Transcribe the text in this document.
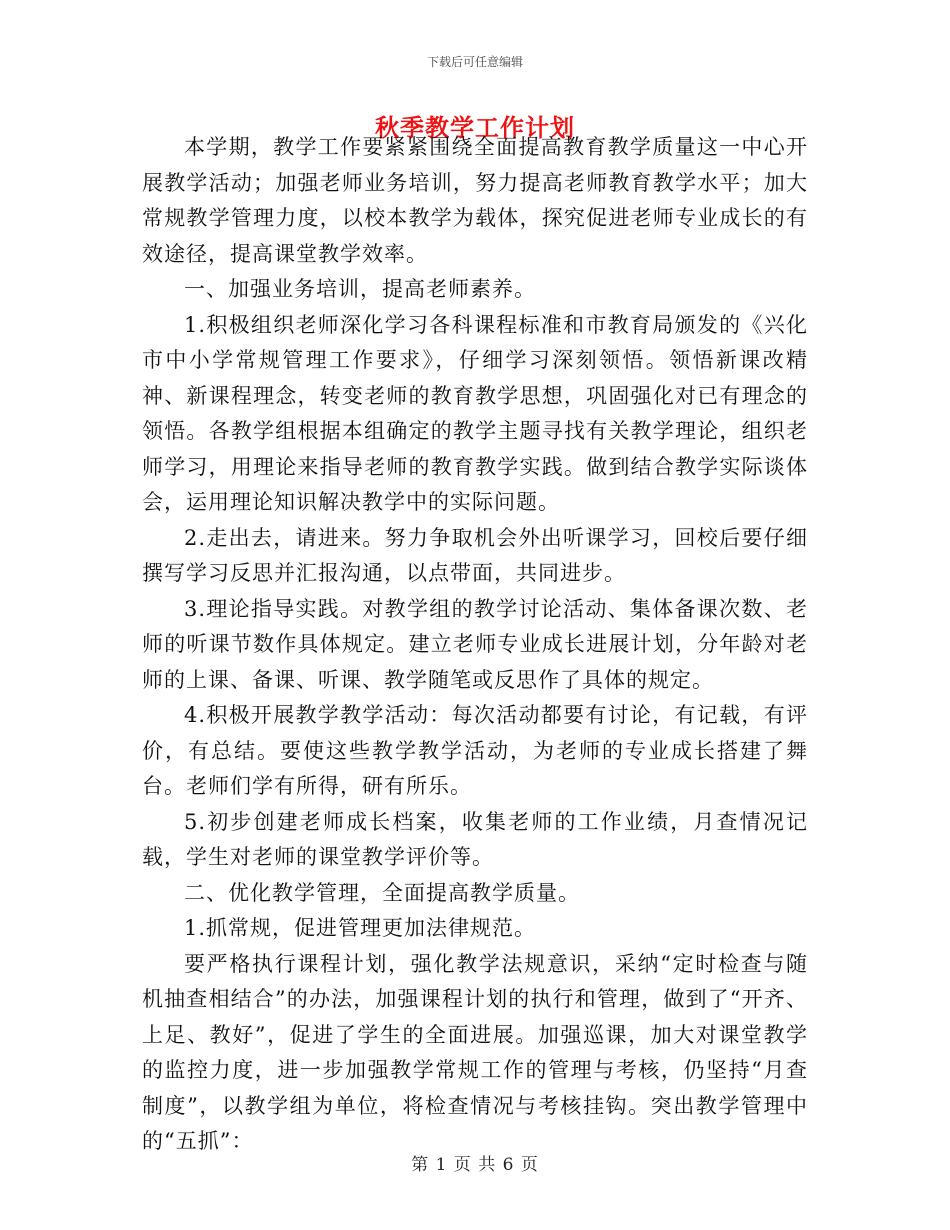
下载后可任意编辑
秋季教学工作计划

本学期，教学工作要紧紧围绕全面提高教育教学质量这一中心开展教学活动；加强老师业务培训，努力提高老师教育教学水平；加大常规教学管理力度，以校本教学为载体，探究促进老师专业成长的有效途径，提高课堂教学效率。

一、加强业务培训，提高老师素养。

1.积极组织老师深化学习各科课程标准和市教育局颁发的《兴化市中小学常规管理工作要求》，仔细学习深刻领悟。领悟新课改精神、新课程理念，转变老师的教育教学思想，巩固强化对已有理念的领悟。各教学组根据本组确定的教学主题寻找有关教学理论，组织老师学习，用理论来指导老师的教育教学实践。做到结合教学实际谈体会，运用理论知识解决教学中的实际问题。

2.走出去，请进来。努力争取机会外出听课学习，回校后要仔细撰写学习反思并汇报沟通，以点带面，共同进步。

3.理论指导实践。对教学组的教学讨论活动、集体备课次数、老师的听课节数作具体规定。建立老师专业成长进展计划，分年龄对老师的上课、备课、听课、教学随笔或反思作了具体的规定。

4.积极开展教学教学活动：每次活动都要有讨论，有记载，有评价，有总结。要使这些教学教学活动，为老师的专业成长搭建了舞台。老师们学有所得，研有所乐。

5.初步创建老师成长档案，收集老师的工作业绩，月查情况记载，学生对老师的课堂教学评价等。

二、优化教学管理，全面提高教学质量。

1.抓常规，促进管理更加法律规范。

要严格执行课程计划，强化教学法规意识，采纳“定时检查与随机抽查相结合”的办法，加强课程计划的执行和管理，做到了“开齐、上足、教好”，促进了学生的全面进展。加强巡课，加大对课堂教学的监控力度，进一步加强教学常规工作的管理与考核，仍坚持“月查制度”，以教学组为单位，将检查情况与考核挂钩。突出教学管理中的“五抓”：

第 1 页 共 6 页
